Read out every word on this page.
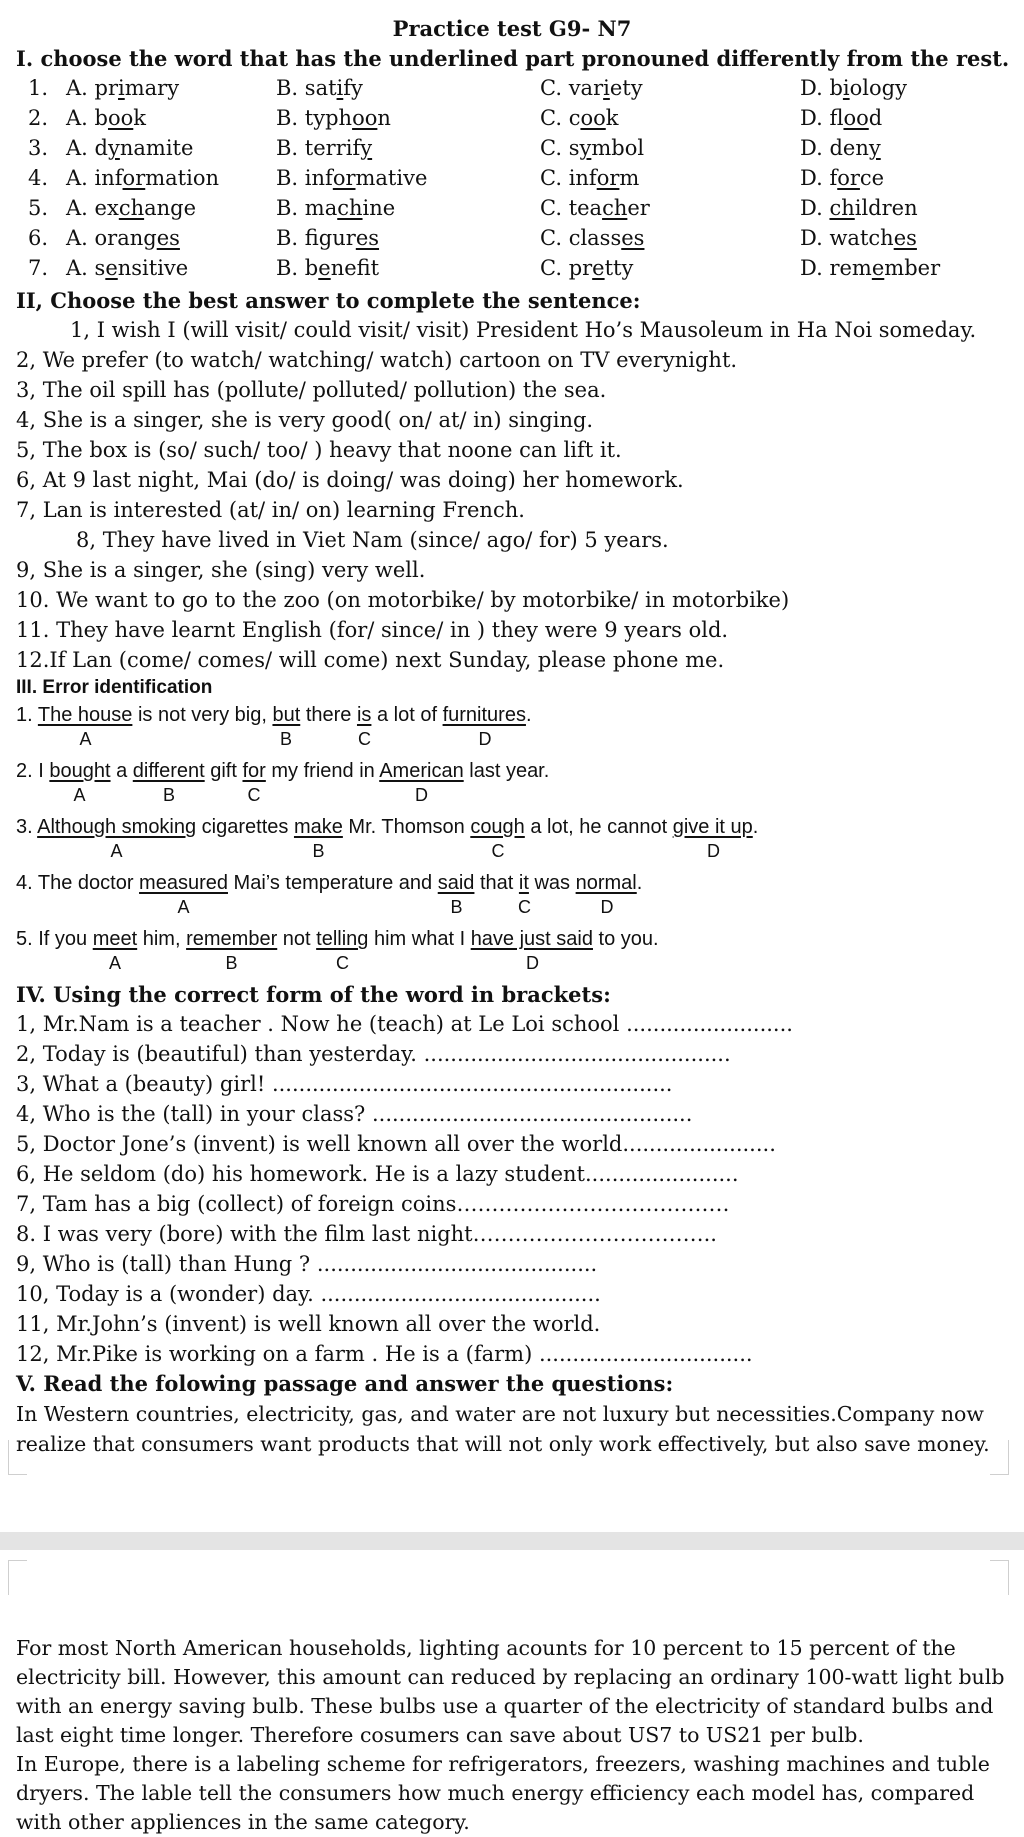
Practice test G9- N7
I. choose the word that has the underlined part pronouned differently from the rest.
1. A. primary	B. satify	C. variety	D. biology
2. A. book	B. typhoon	C. cook	D. flood
3. A. dynamite	B. terrify	C. symbol	D. deny
4. A. information	B. informative	C. inform	D. force
5. A. exchange	B. machine	C. teacher	D. children
6. A. oranges	B. figures	C. classes	D. watches
7. A. sensitive	B. benefit	C. pretty	D. remember
II, Choose the best answer to complete the sentence:
1, I wish I (will visit/ could visit/ visit) President Ho’s Mausoleum in Ha Noi someday.
2, We prefer (to watch/ watching/ watch) cartoon on TV everynight.
3, The oil spill has (pollute/ polluted/ pollution) the sea.
4, She is a singer, she is very good( on/ at/ in) singing.
5, The box is (so/ such/ too/ ) heavy that noone can lift it.
6, At 9 last night, Mai (do/ is doing/ was doing) her homework.
7, Lan is interested (at/ in/ on) learning French.
8, They have lived in Viet Nam (since/ ago/ for) 5 years.
9, She is a singer, she (sing) very well.
10. We want to go to the zoo (on motorbike/ by motorbike/ in motorbike)
11. They have learnt English (for/ since/ in ) they were 9 years old.
12.If Lan (come/ comes/ will come) next Sunday, please phone me.
III. Error identification
1. The house is not very big, but there is a lot of furnitures.
2. I bought a different gift for my friend in American last year.
3. Although smoking cigarettes make Mr. Thomson cough a lot, he cannot give it up.
4. The doctor measured Mai’s temperature and said that it was normal.
5. If you meet him, remember not telling him what I have just said to you.
A	B	C	D
A	B	C	D
A	B	C	D
A	B	C	D
A	B	C	D
IV. Using the correct form of the word in brackets:
1, Mr.Nam is a teacher . Now he (teach) at Le Loi school .........................
2, Today is (beautiful) than yesterday. ..............................................
3, What a (beauty) girl! ............................................................
4, Who is the (tall) in your class? ................................................
5, Doctor Jone’s (invent) is well known all over the world.......................
6, He seldom (do) his homework. He is a lazy student.......................
7, Tam has a big (collect) of foreign coins…………………………………
8. I was very (bore) with the film last night……………………………..
9, Who is (tall) than Hung ? ..........................................
10, Today is a (wonder) day. ..........................................
11, Mr.John’s (invent) is well known all over the world.
12, Mr.Pike is working on a farm . He is a (farm) ................................
V. Read the folowing passage and answer the questions:
In Western countries, electricity, gas, and water are not luxury but necessities.Company now
realize that consumers want products that will not only work effectively, but also save money.
For most North American households, lighting acounts for 10 percent to 15 percent of the
electricity bill. However, this amount can reduced by replacing an ordinary 100-watt light bulb
with an energy saving bulb. These bulbs use a quarter of the electricity of standard bulbs and
last eight time longer. Therefore cosumers can save about US7 to US21 per bulb.
In Europe, there is a labeling scheme for refrigerators, freezers, washing machines and tuble
dryers. The lable tell the consumers how much energy efficiency each model has, compared
with other appliences in the same category.
